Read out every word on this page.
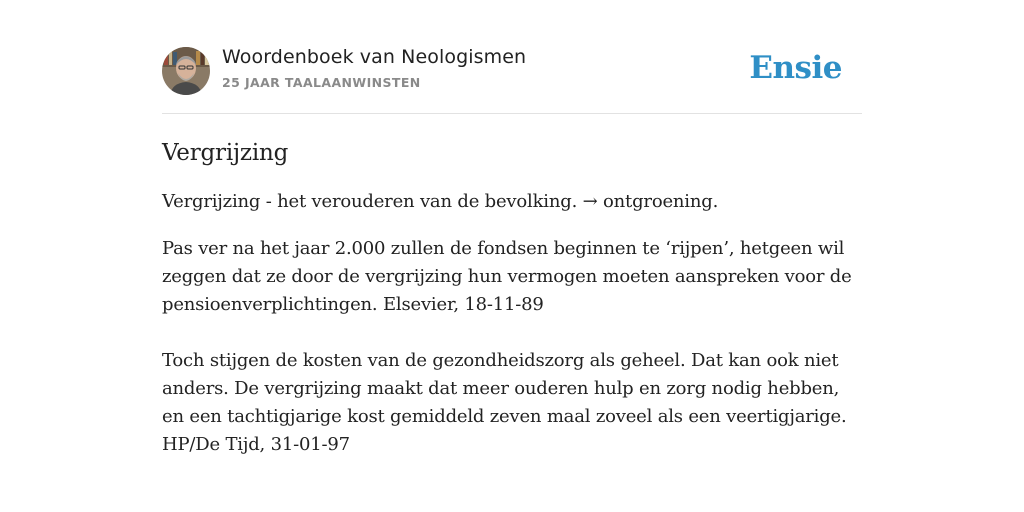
Woordenboek van Neologismen
25 JAAR TAALAANWINSTEN	Ensie
Vergrijzing

Vergrijzing - het verouderen van de bevolking. → ontgroening.

Pas ver na het jaar 2.000 zullen de fondsen beginnen te ‘rijpen’, hetgeen wil zeggen dat ze door de vergrijzing hun vermogen moeten aanspreken voor de pensioenverplichtingen. Elsevier, 18-11-89

Toch stijgen de kosten van de gezondheidszorg als geheel. Dat kan ook niet anders. De vergrijzing maakt dat meer ouderen hulp en zorg nodig hebben, en een tachtigjarige kost gemiddeld zeven maal zoveel als een veertigjarige. HP/De Tijd, 31-01-97
